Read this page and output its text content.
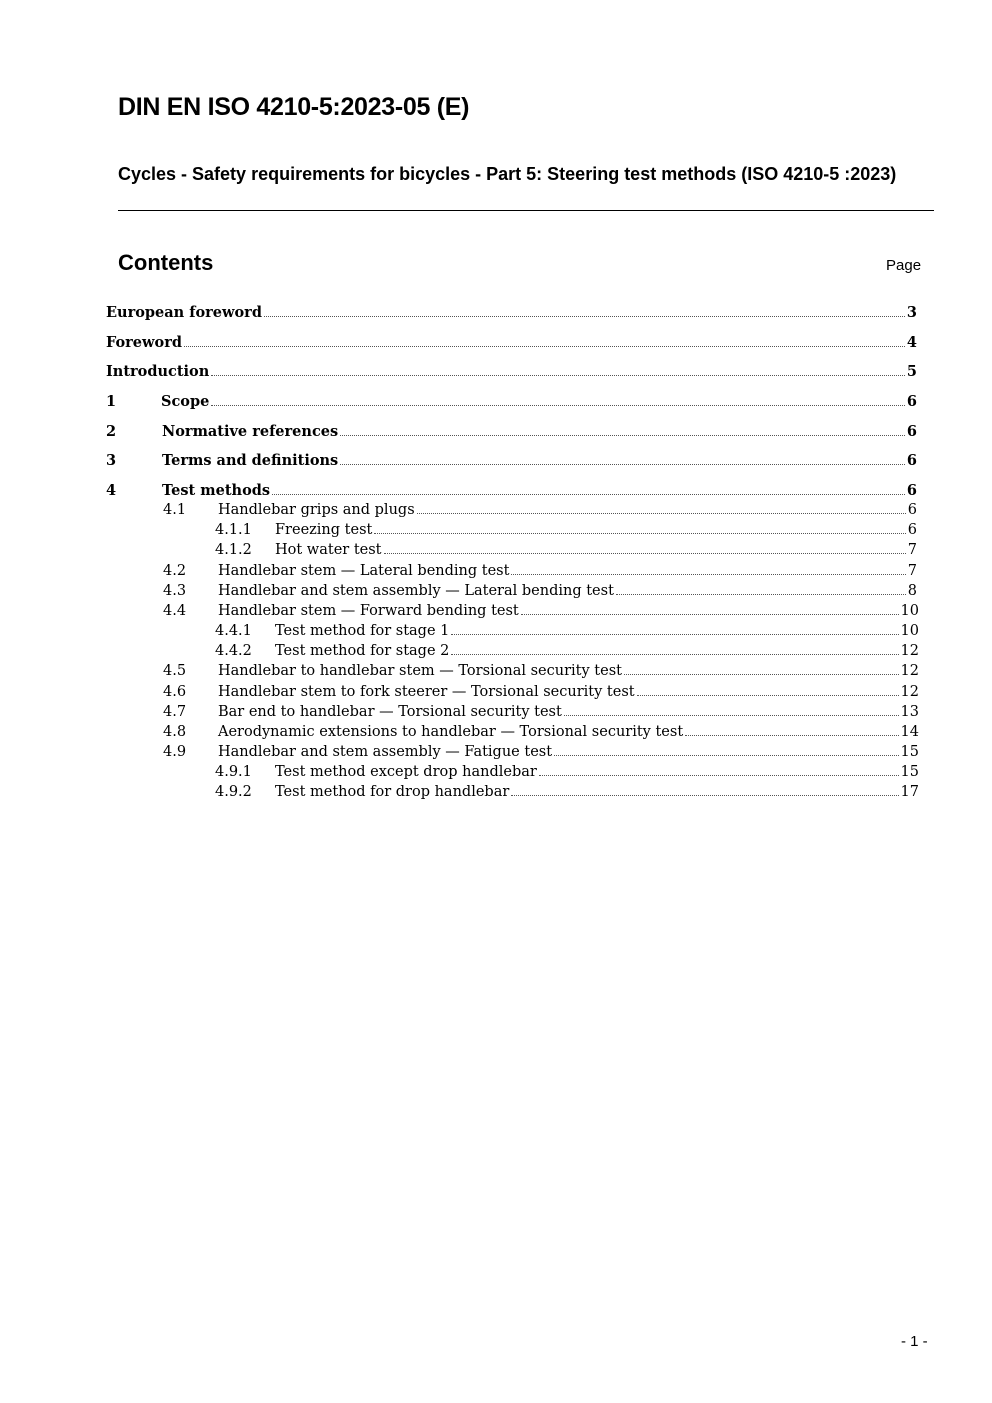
DIN EN ISO 4210-5:2023-05 (E)
Cycles - Safety requirements for bicycles - Part 5: Steering test methods (ISO 4210-5 :2023)
Contents	Page
European foreword	3
Foreword	4
Introduction	5
1	Scope	6
2	Normative references	6
3	Terms and definitions	6
4	Test methods	6
4.1	Handlebar grips and plugs	6
4.1.1	Freezing test	6
4.1.2	Hot water test	7
4.2	Handlebar stem — Lateral bending test	7
4.3	Handlebar and stem assembly — Lateral bending test	8
4.4	Handlebar stem — Forward bending test	10
4.4.1	Test method for stage 1	10
4.4.2	Test method for stage 2	12
4.5	Handlebar to handlebar stem — Torsional security test	12
4.6	Handlebar stem to fork steerer — Torsional security test	12
4.7	Bar end to handlebar — Torsional security test	13
4.8	Aerodynamic extensions to handlebar — Torsional security test	14
4.9	Handlebar and stem assembly — Fatigue test	15
4.9.1	Test method except drop handlebar	15
4.9.2	Test method for drop handlebar	17
- 1 -
